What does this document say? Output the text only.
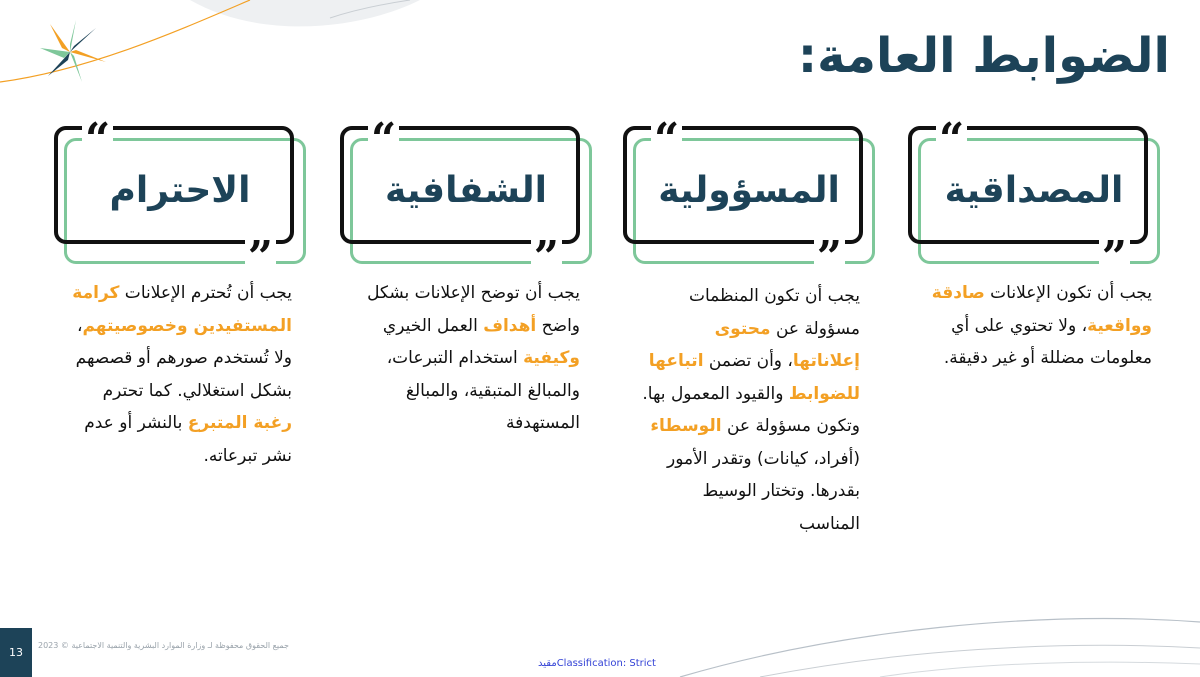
الضوابط العامة:
“
”
المصداقية
يجب أن تكون الإعلانات صادقة وواقعية، ولا تحتوي على أي معلومات مضللة أو غير دقيقة.
“
”
المسؤولية
يجب أن تكون المنظمات مسؤولة عن محتوى إعلاناتها، وأن تضمن اتباعها للضوابط والقيود المعمول بها. وتكون مسؤولة عن الوسطاء (أفراد، كيانات) وتقدر الأمور بقدرها. وتختار الوسيط المناسب
“
”
الشفافية
يجب أن توضح الإعلانات بشكل واضح أهداف العمل الخيري وكيفية استخدام التبرعات، والمبالغ المتبقية، والمبالغ المستهدفة
“
”
الاحترام
يجب أن تُحترم الإعلانات كرامة المستفيدين وخصوصيتهم، ولا تُستخدم صورهم أو قصصهم بشكل استغلالي. كما تحترم رغبة المتبرع بالنشر أو عدم نشر تبرعاته.
13
جميع الحقوق محفوظة لـ وزارة الموارد البشرية والتنمية الاجتماعية © 2023
مقيدClassification: Strict
